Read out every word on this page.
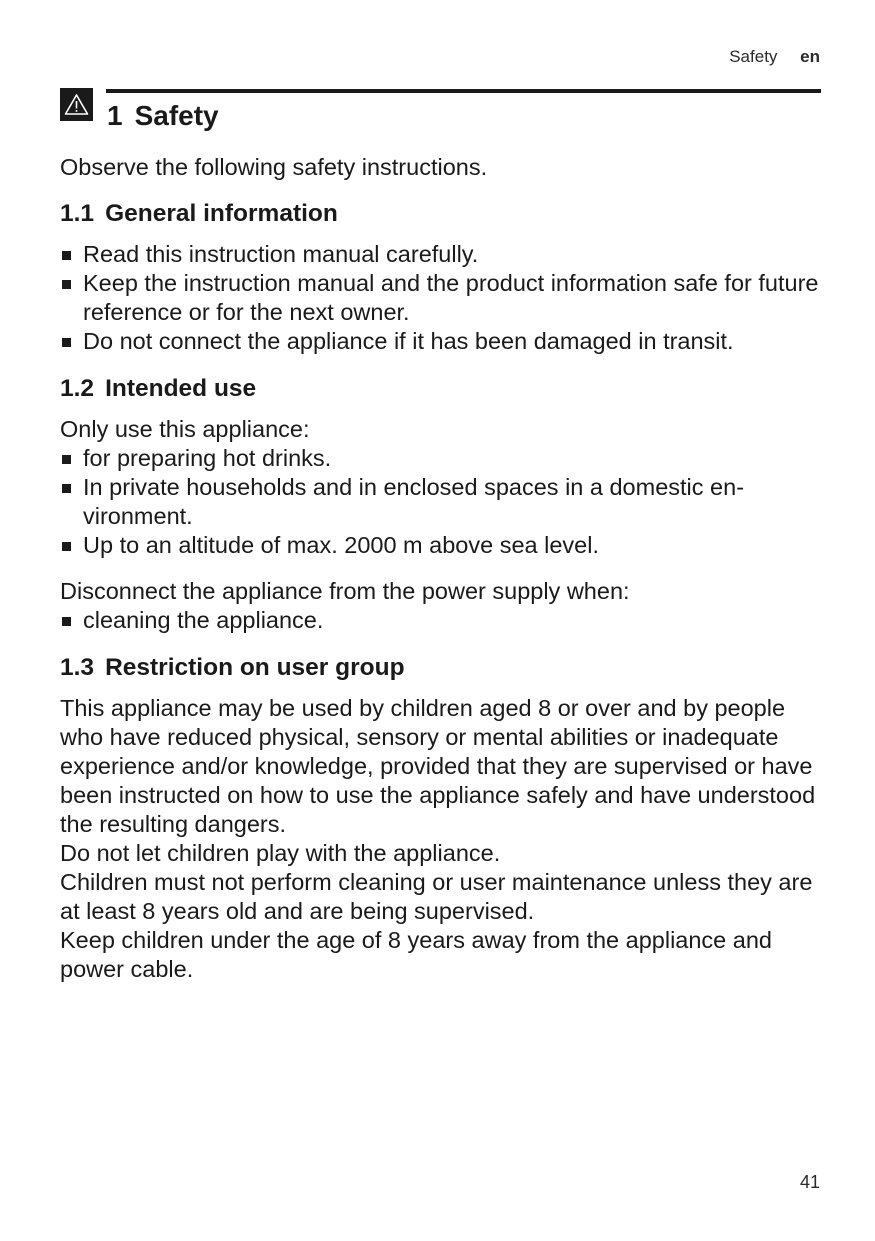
Safety en
1 Safety

Observe the following safety instructions.

1.1 General information
Read this instruction manual carefully.
Keep the instruction manual and the product information safe for future reference or for the next owner.
Do not connect the appliance if it has been damaged in transit.
1.2 Intended use

Only use this appliance:

for preparing hot drinks.
In private households and in enclosed spaces in a domestic en-vironment.
Up to an altitude of max. 2000 m above sea level.

Disconnect the appliance from the power supply when:

cleaning the appliance.
1.3 Restriction on user group

This appliance may be used by children aged 8 or over and by people who have reduced physical, sensory or mental abilities or inadequate experience and/or knowledge, provided that they are supervised or have been instructed on how to use the appliance safely and have understood the resulting dangers.

Do not let children play with the appliance.

Children must not perform cleaning or user maintenance unless they are at least 8 years old and are being supervised.

Keep children under the age of 8 years away from the appliance and power cable.

41
